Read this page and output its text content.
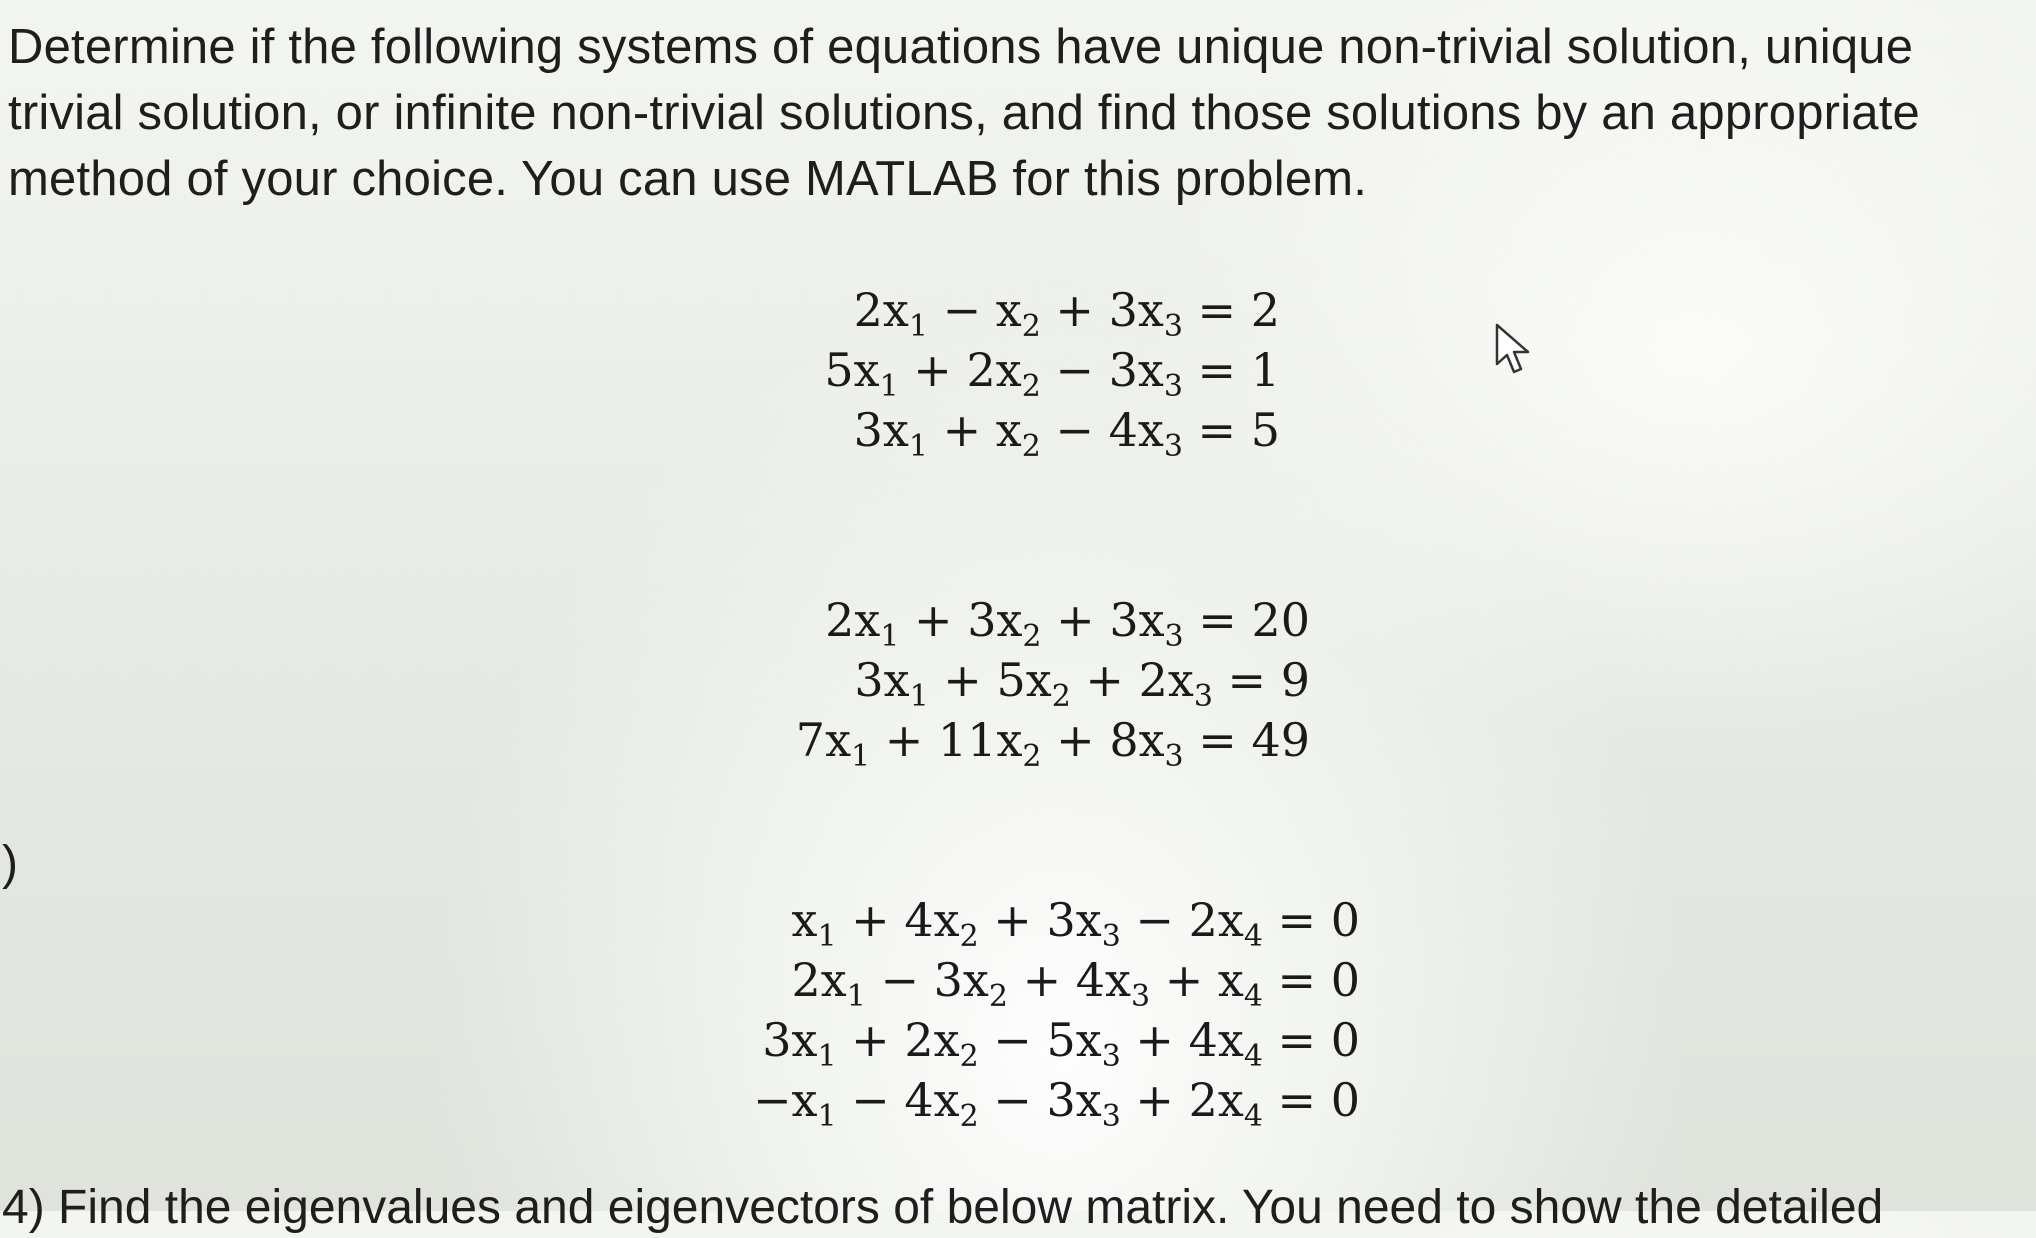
Determine if the following systems of equations have unique non-trivial solution, unique
trivial solution, or infinite non-trivial solutions, and find those solutions by an appropriate
method of your choice. You can use MATLAB for this problem.
$2x_1 - x_2 + 3x_3 = 2$
$5x_1 + 2x_2 - 3x_3 = 1$
$3x_1 + x_2 - 4x_3 = 5$
$2x_1 + 3x_2 + 3x_3 = 20$
$3x_1 + 5x_2 + 2x_3 = 9$
$7x_1 + 11x_2 + 8x_3 = 49$
$x_1 + 4x_2 + 3x_3 - 2x_4 = 0$
$2x_1 - 3x_2 + 4x_3 + x_4 = 0$
$3x_1 + 2x_2 - 5x_3 + 4x_4 = 0$
$-x_1 - 4x_2 - 3x_3 + 2x_4 = 0$
)
4) Find the eigenvalues and eigenvectors of below matrix. You need to show the detailed
